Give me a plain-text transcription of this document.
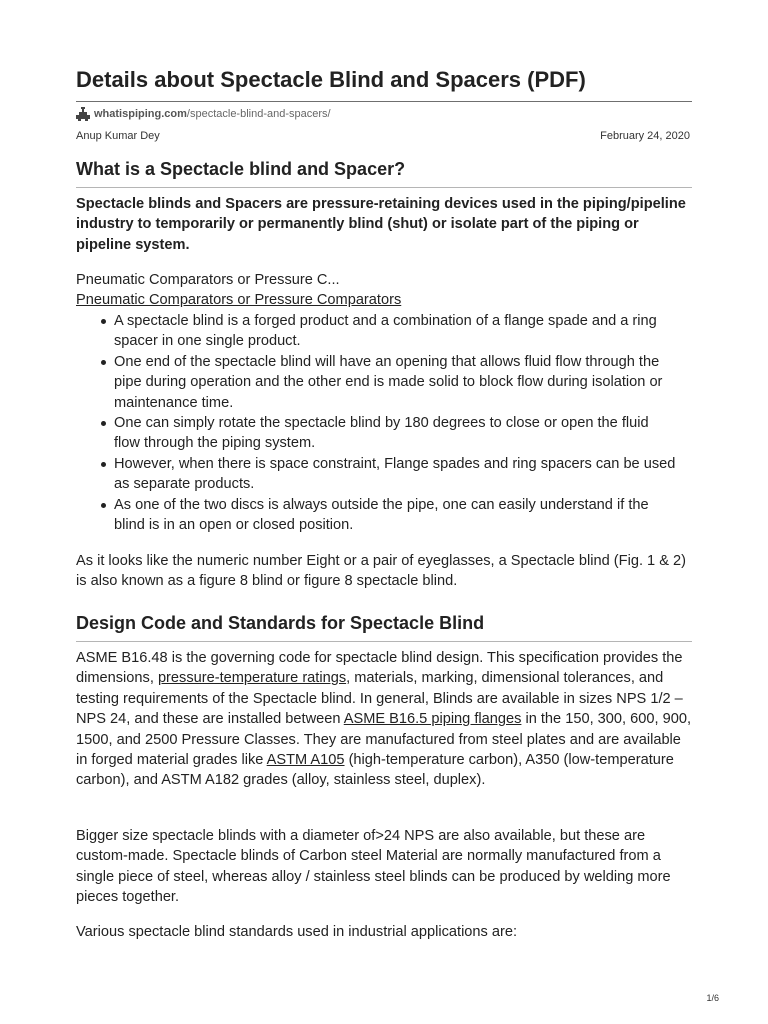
Details about Spectacle Blind and Spacers (PDF)
whatispiping.com /spectacle-blind-and-spacers/
Anup Kumar Dey	February 24, 2020
What is a Spectacle blind and Spacer?

Spectacle blinds and Spacers are pressure-retaining devices used in the piping/pipeline industry to temporarily or permanently blind (shut) or isolate part of the piping or pipeline system.

Pneumatic Comparators or Pressure C...

Pneumatic Comparators or Pressure Comparators

A spectacle blind is a forged product and a combination of a flange spade and a ring spacer in one single product.
One end of the spectacle blind will have an opening that allows fluid flow through the pipe during operation and the other end is made solid to block flow during isolation or maintenance time.
One can simply rotate the spectacle blind by 180 degrees to close or open the fluid flow through the piping system.
However, when there is space constraint, Flange spades and ring spacers can be used as separate products.
As one of the two discs is always outside the pipe, one can easily understand if the blind is in an open or closed position.

As it looks like the numeric number Eight or a pair of eyeglasses, a Spectacle blind (Fig. 1 & 2) is also known as a figure 8 blind or figure 8 spectacle blind.

Design Code and Standards for Spectacle Blind

ASME B16.48 is the governing code for spectacle blind design. This specification provides the dimensions, pressure-temperature ratings, materials, marking, dimensional tolerances, and testing requirements of the Spectacle blind. In general, Blinds are available in sizes NPS 1/2 – NPS 24, and these are installed between ASME B16.5 piping flanges in the 150, 300, 600, 900, 1500, and 2500 Pressure Classes. They are manufactured from steel plates and are available in forged material grades like ASTM A105 (high-temperature carbon), A350 (low-temperature carbon), and ASTM A182 grades (alloy, stainless steel, duplex).

Bigger size spectacle blinds with a diameter of>24 NPS are also available, but these are custom-made. Spectacle blinds of Carbon steel Material are normally manufactured from a single piece of steel, whereas alloy / stainless steel blinds can be produced by welding more pieces together.

Various spectacle blind standards used in industrial applications are:

1/6
